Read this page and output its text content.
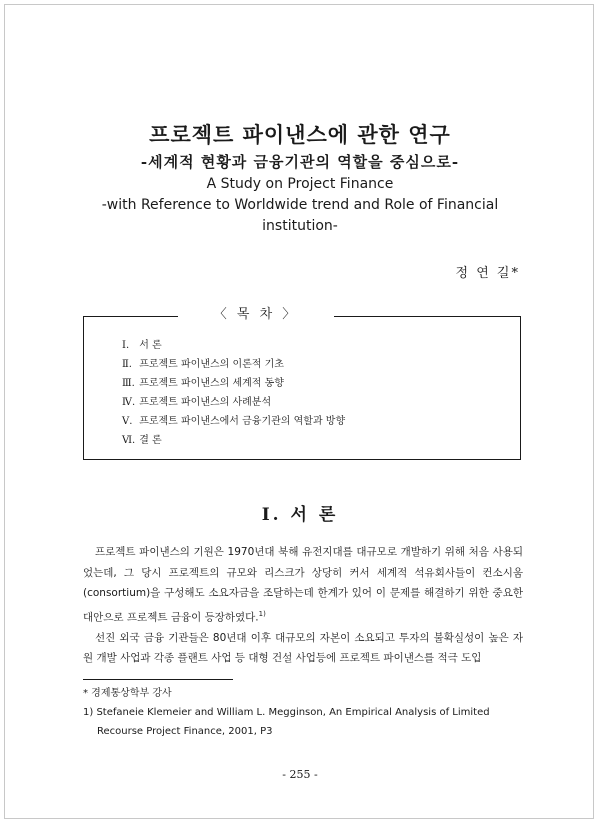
프로젝트 파이낸스에 관한 연구

-세계적 현황과 금융기관의 역할을 중심으로-

A Study on Project Finance

-with Reference to Worldwide trend and Role of Financial

institution-

정 연 길*
〈 목 차 〉
Ⅰ. 서 론
Ⅱ. 프로젝트 파이낸스의 이론적 기초
Ⅲ. 프로젝트 파이낸스의 세계적 동향
Ⅳ. 프로젝트 파이낸스의 사례분석
Ⅴ. 프로젝트 파이낸스에서 금융기관의 역할과 방향
Ⅵ. 결 론
Ⅰ. 서 론

프로젝트 파이낸스의 기원은 1970년대 북해 유전지대를 대규모로 개발하기 위해 처음 사용되었는데, 그 당시 프로젝트의 규모와 리스크가 상당히 커서 세계적 석유회사들이 컨소시움(consortium)을 구성해도 소요자금을 조달하는데 한계가 있어 이 문제를 해결하기 위한 중요한 대안으로 프로젝트 금융이 등장하였다.$^{1)}$

선진 외국 금융 기관들은 80년대 이후 대규모의 자본이 소요되고 투자의 불확실성이 높은 자원 개발 사업과 각종 플랜트 사업 등 대형 건설 사업등에 프로젝트 파이낸스를 적극 도입

* 경제통상학부 강사
1) Stefaneie Klemeier and William L. Megginson, An Empirical Analysis of Limited
Recourse Project Finance, 2001, P3
- 255 -
